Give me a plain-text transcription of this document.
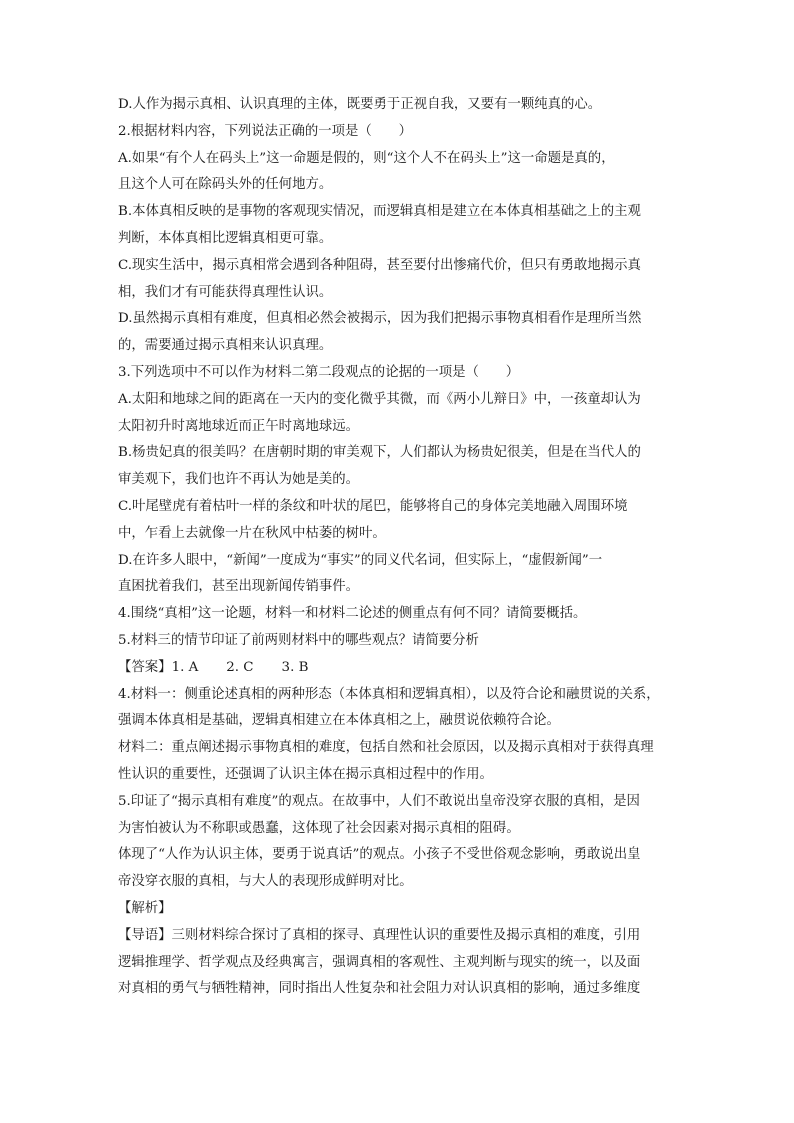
D.人作为揭示真相、认识真理的主体，既要勇于正视自我，又要有一颗纯真的心。
2.根据材料内容，下列说法正确的一项是（　　）
A.如果“有个人在码头上”这一命题是假的，则“这个人不在码头上”这一命题是真的，
且这个人可在除码头外的任何地方。
B.本体真相反映的是事物的客观现实情况，而逻辑真相是建立在本体真相基础之上的主观
判断，本体真相比逻辑真相更可靠。
C.现实生活中，揭示真相常会遇到各种阻碍，甚至要付出惨痛代价，但只有勇敢地揭示真
相，我们才有可能获得真理性认识。
D.虽然揭示真相有难度，但真相必然会被揭示，因为我们把揭示事物真相看作是理所当然
的，需要通过揭示真相来认识真理。
3.下列选项中不可以作为材料二第二段观点的论据的一项是（　　）
A.太阳和地球之间的距离在一天内的变化微乎其微，而《两小儿辩日》中，一孩童却认为
太阳初升时离地球近而正午时离地球远。
B.杨贵妃真的很美吗？在唐朝时期的审美观下，人们都认为杨贵妃很美，但是在当代人的
审美观下，我们也许不再认为她是美的。
C.叶尾壁虎有着枯叶一样的条纹和叶状的尾巴，能够将自己的身体完美地融入周围环境
中，乍看上去就像一片在秋风中枯萎的树叶。
D.在许多人眼中，“新闻”一度成为“事实”的同义代名词，但实际上，“虚假新闻”一
直困扰着我们，甚至出现新闻传销事件。
4.围绕“真相”这一论题，材料一和材料二论述的侧重点有何不同？请简要概括。
5.材料三的情节印证了前两则材料中的哪些观点？请简要分析
【答案】1. A 2. C 3. B
4.材料一：侧重论述真相的两种形态（本体真相和逻辑真相），以及符合论和融贯说的关系，
强调本体真相是基础，逻辑真相建立在本体真相之上，融贯说依赖符合论。
材料二：重点阐述揭示事物真相的难度，包括自然和社会原因，以及揭示真相对于获得真理
性认识的重要性，还强调了认识主体在揭示真相过程中的作用。
5.印证了“揭示真相有难度”的观点。在故事中，人们不敢说出皇帝没穿衣服的真相，是因
为害怕被认为不称职或愚蠢，这体现了社会因素对揭示真相的阻碍。
体现了“人作为认识主体，要勇于说真话”的观点。小孩子不受世俗观念影响，勇敢说出皇
帝没穿衣服的真相，与大人的表现形成鲜明对比。
【解析】
【导语】三则材料综合探讨了真相的探寻、真理性认识的重要性及揭示真相的难度，引用
逻辑推理学、哲学观点及经典寓言，强调真相的客观性、主观判断与现实的统一，以及面
对真相的勇气与牺牲精神，同时指出人性复杂和社会阻力对认识真相的影响，通过多维度
